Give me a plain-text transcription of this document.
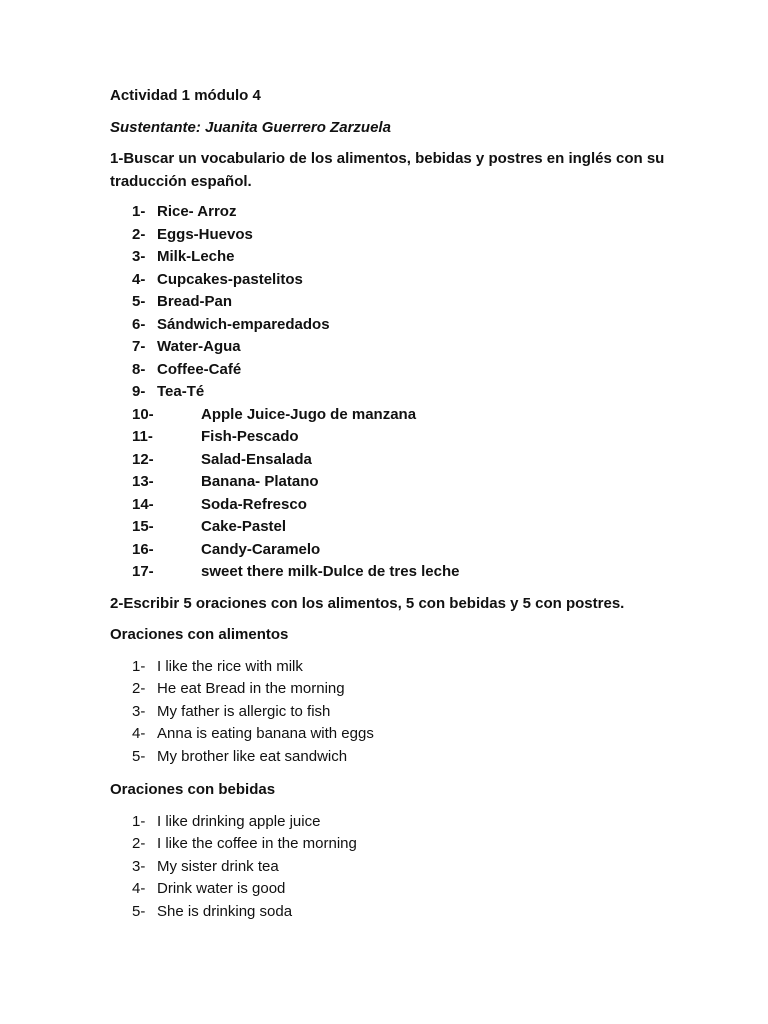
Actividad 1 módulo 4

Sustentante: Juanita Guerrero Zarzuela

1-Buscar un vocabulario de los alimentos, bebidas y postres en inglés con su traducción español.

1- Rice- Arroz
2- Eggs-Huevos
3- Milk-Leche
4- Cupcakes-pastelitos
5- Bread-Pan
6- Sándwich-emparedados
7- Water-Agua
8- Coffee-Café
9- Tea-Té
10-	Apple Juice-Jugo de manzana
11-	Fish-Pescado
12-	Salad-Ensalada
13-	Banana- Platano
14-	Soda-Refresco
15-	Cake-Pastel
16-	Candy-Caramelo
17-	sweet there milk-Dulce de tres leche

2-Escribir 5 oraciones con los alimentos, 5 con bebidas y 5 con postres.

Oraciones con alimentos

1- I like the rice with milk
2- He eat Bread in the morning
3- My father is allergic to fish
4- Anna is eating banana with eggs
5- My brother like eat sandwich

Oraciones con bebidas

1- I like drinking apple juice
2- I like the coffee in the morning
3- My sister drink tea
4- Drink water is good
5- She is drinking soda
